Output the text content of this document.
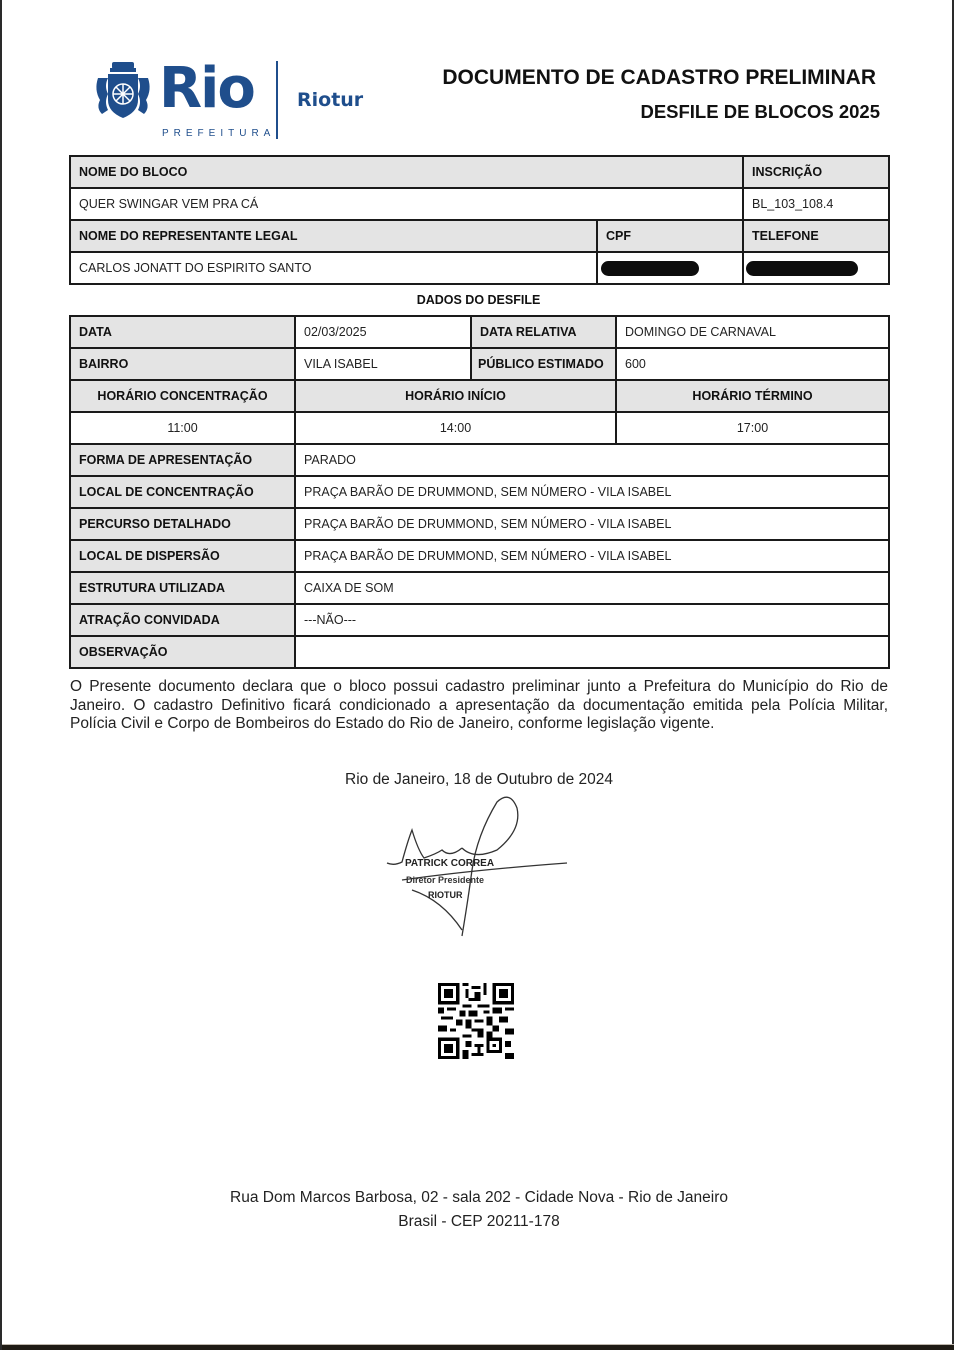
Rio
PREFEITURA
Riotur
DOCUMENTO DE CADASTRO PRELIMINAR
DESFILE DE BLOCOS 2025
NOME DO BLOCO		INSCRIÇÃO
QUER SWINGAR VEM PRA CÁ		BL_103_108.4
NOME DO REPRESENTANTE LEGAL	CPF	TELEFONE
CARLOS JONATT DO ESPIRITO SANTO		
DADOS DO DESFILE
DATA	02/03/2025	DATA RELATIVA	DOMINGO DE CARNAVAL
BAIRRO	VILA ISABEL	PÚBLICO ESTIMADO	600
HORÁRIO CONCENTRAÇÃO	HORÁRIO INÍCIO		HORÁRIO TÉRMINO
11:00	14:00		17:00
FORMA DE APRESENTAÇÃO	PARADO		
LOCAL DE CONCENTRAÇÃO	PRAÇA BARÃO DE DRUMMOND, SEM NÚMERO - VILA ISABEL		
PERCURSO DETALHADO	PRAÇA BARÃO DE DRUMMOND, SEM NÚMERO - VILA ISABEL		
LOCAL DE DISPERSÃO	PRAÇA BARÃO DE DRUMMOND, SEM NÚMERO - VILA ISABEL		
ESTRUTURA UTILIZADA	CAIXA DE SOM		
ATRAÇÃO CONVIDADA	---NÃO---		
OBSERVAÇÃO			

O Presente documento declara que o bloco possui cadastro preliminar junto a Prefeitura do Município do Rio de Janeiro. O cadastro Definitivo ficará condicionado a apresentação da documentação emitida pela Polícia Militar, Polícia Civil e Corpo de Bombeiros do Estado do Rio de Janeiro, conforme legislação vigente.

Rio de Janeiro, 18 de Outubro de 2024
PATRICK CORREA
Diretor Presidente
RIOTUR
Rua Dom Marcos Barbosa, 02 - sala 202 - Cidade Nova - Rio de Janeiro
Brasil - CEP 20211-178
